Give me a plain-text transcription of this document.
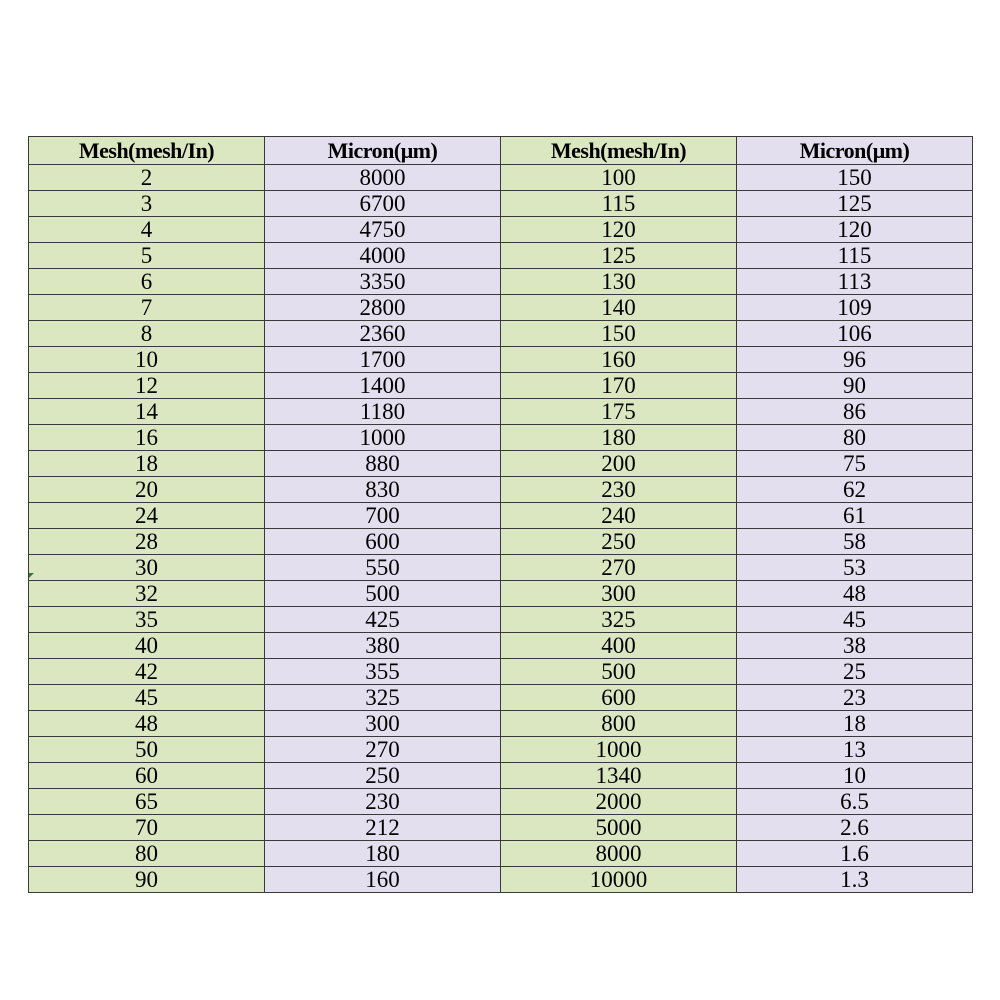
Mesh(mesh/In)	Micron(μm)	Mesh(mesh/In)	Micron(μm)
2	8000	100	150
3	6700	115	125
4	4750	120	120
5	4000	125	115
6	3350	130	113
7	2800	140	109
8	2360	150	106
10	1700	160	96
12	1400	170	90
14	1180	175	86
16	1000	180	80
18	880	200	75
20	830	230	62
24	700	240	61
28	600	250	58
30	550	270	53
32	500	300	48
35	425	325	45
40	380	400	38
42	355	500	25
45	325	600	23
48	300	800	18
50	270	1000	13
60	250	1340	10
65	230	2000	6.5
70	212	5000	2.6
80	180	8000	1.6
90	160	10000	1.3
